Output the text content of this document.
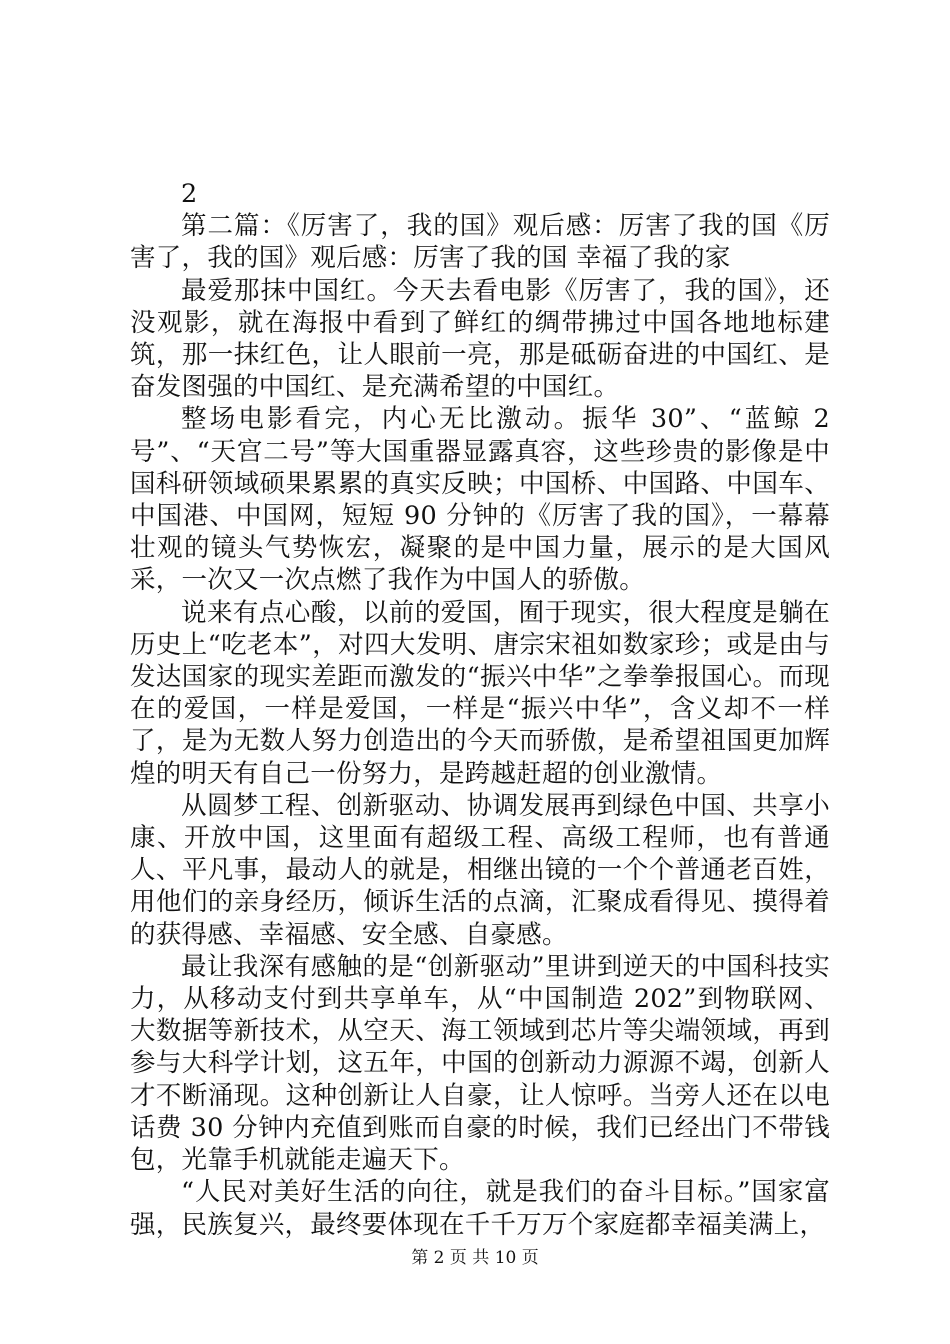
2

第二篇：《厉害了，我的国》观后感：厉害了我的国《厉害了，我的国》观后感：厉害了我的国 幸福了我的家

最爱那抹中国红。今天去看电影《厉害了，我的国》，还没观影，就在海报中看到了鲜红的绸带拂过中国各地地标建筑，那一抹红色，让人眼前一亮，那是砥砺奋进的中国红、是奋发图强的中国红、是充满希望的中国红。

整场电影看完，内心无比激动。振华 30”、“蓝鲸 2 号”、“天宫二号”等大国重器显露真容，这些珍贵的影像是中国科研领域硕果累累的真实反映；中国桥、中国路、中国车、中国港、中国网，短短 90 分钟的《厉害了我的国》，一幕幕壮观的镜头气势恢宏，凝聚的是中国力量，展示的是大国风采，一次又一次点燃了我作为中国人的骄傲。

说来有点心酸，以前的爱国，囿于现实，很大程度是躺在历史上“吃老本”，对四大发明、唐宗宋祖如数家珍；或是由与发达国家的现实差距而激发的“振兴中华”之拳拳报国心。而现在的爱国，一样是爱国，一样是“振兴中华”，含义却不一样了，是为无数人努力创造出的今天而骄傲，是希望祖国更加辉煌的明天有自己一份努力，是跨越赶超的创业激情。

从圆梦工程、创新驱动、协调发展再到绿色中国、共享小康、开放中国，这里面有超级工程、高级工程师，也有普通人、平凡事，最动人的就是，相继出镜的一个个普通老百姓，用他们的亲身经历，倾诉生活的点滴，汇聚成看得见、摸得着的获得感、幸福感、安全感、自豪感。

最让我深有感触的是“创新驱动”里讲到逆天的中国科技实力，从移动支付到共享单车，从“中国制造 202”到物联网、大数据等新技术，从空天、海工领域到芯片等尖端领域，再到参与大科学计划，这五年，中国的创新动力源源不竭，创新人才不断涌现。这种创新让人自豪，让人惊呼。当旁人还在以电话费 30 分钟内充值到账而自豪的时候，我们已经出门不带钱包，光靠手机就能走遍天下。

“人民对美好生活的向往，就是我们的奋斗目标。”国家富强，民族复兴，最终要体现在千千万万个家庭都幸福美满上，

第 2 页 共 10 页
